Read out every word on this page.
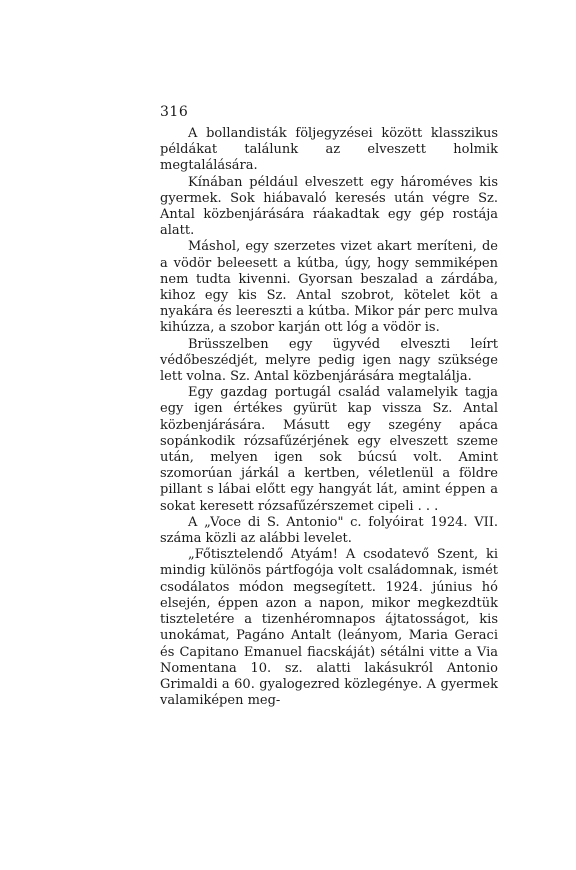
316

A bollandisták följegyzései között klasszikus példákat találunk az elveszett holmik megtalálására.

Kínában például elveszett egy hároméves kis gyermek. Sok hiábavaló keresés után végre Sz. Antal közbenjárására ráakadtak egy gép rostája alatt.

Máshol, egy szerzetes vizet akart meríteni, de a vödör beleesett a kútba, úgy, hogy semmiképen nem tudta kivenni. Gyorsan beszalad a zárdába, kihoz egy kis Sz. Antal szobrot, kötelet köt a nyakára és leereszti a kútba. Mikor pár perc mulva kihúzza, a szobor karján ott lóg a vödör is.

Brüsszelben egy ügyvéd elveszti leírt védőbeszédjét, melyre pedig igen nagy szüksége lett volna. Sz. Antal közbenjárására megtalálja.

Egy gazdag portugál család valamelyik tagja egy igen értékes gyürüt kap vissza Sz. Antal közbenjárására. Másutt egy szegény apáca sopánkodik rózsafűzérjének egy elveszett szeme után, melyen igen sok búcsú volt. Amint szomorúan járkál a kertben, véletlenül a földre pillant s lábai előtt egy hangyát lát, amint éppen a sokat keresett rózsafűzérszemet cipeli . . .

A „Voce di S. Antonio" c. folyóirat 1924. VII. száma közli az alábbi levelet.

„Főtisztelendő Atyám! A csodatevő Szent, ki mindig különös pártfogója volt családomnak, ismét csodálatos módon megsegített. 1924. június hó elsején, éppen azon a napon, mikor megkezdtük tiszteletére a tizenhéromnapos ájtatosságot, kis unokámat, Pagáno Antalt (leányom, Maria Geraci és Capitano Emanuel fiacskáját) sétálni vitte a Via Nomentana 10. sz. alatti lakásukról Antonio Grimaldi a 60. gyalogezred közlegénye. A gyermek valamiképen meg-
